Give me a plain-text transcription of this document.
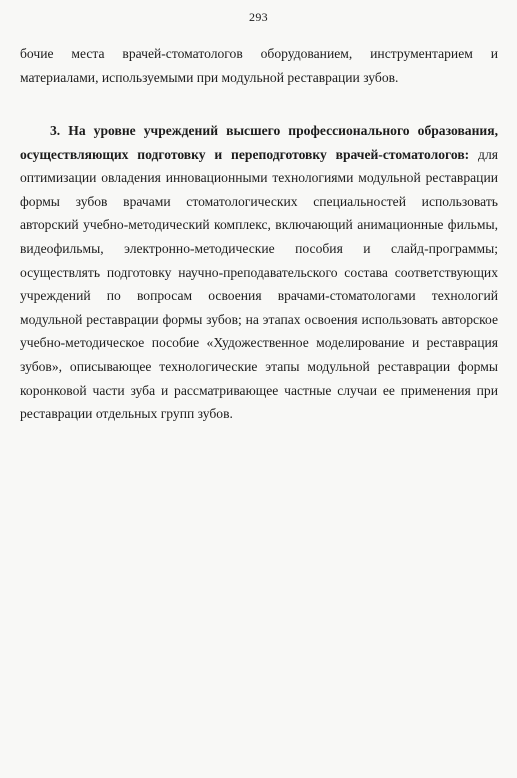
293

бочие места врачей-стоматологов оборудованием, инструментарием и материалами, используемыми при модульной реставрации зубов.

3. На уровне учреждений высшего профессионального образования, осуществляющих подготовку и переподготовку врачей-стоматологов: для оптимизации овладения инновационными технологиями модульной реставрации формы зубов врачами стоматологических специальностей использовать авторский учебно-методический комплекс, включающий анимационные фильмы, видеофильмы, электронно-методические пособия и слайд-программы; осуществлять подготовку научно-преподавательского состава соответствующих учреждений по вопросам освоения врачами-стоматологами технологий модульной реставрации формы зубов; на этапах освоения использовать авторское учебно-методическое пособие «Художественное моделирование и реставрация зубов», описывающее технологические этапы модульной реставрации формы коронковой части зуба и рассматривающее частные случаи ее применения при реставрации отдельных групп зубов.
